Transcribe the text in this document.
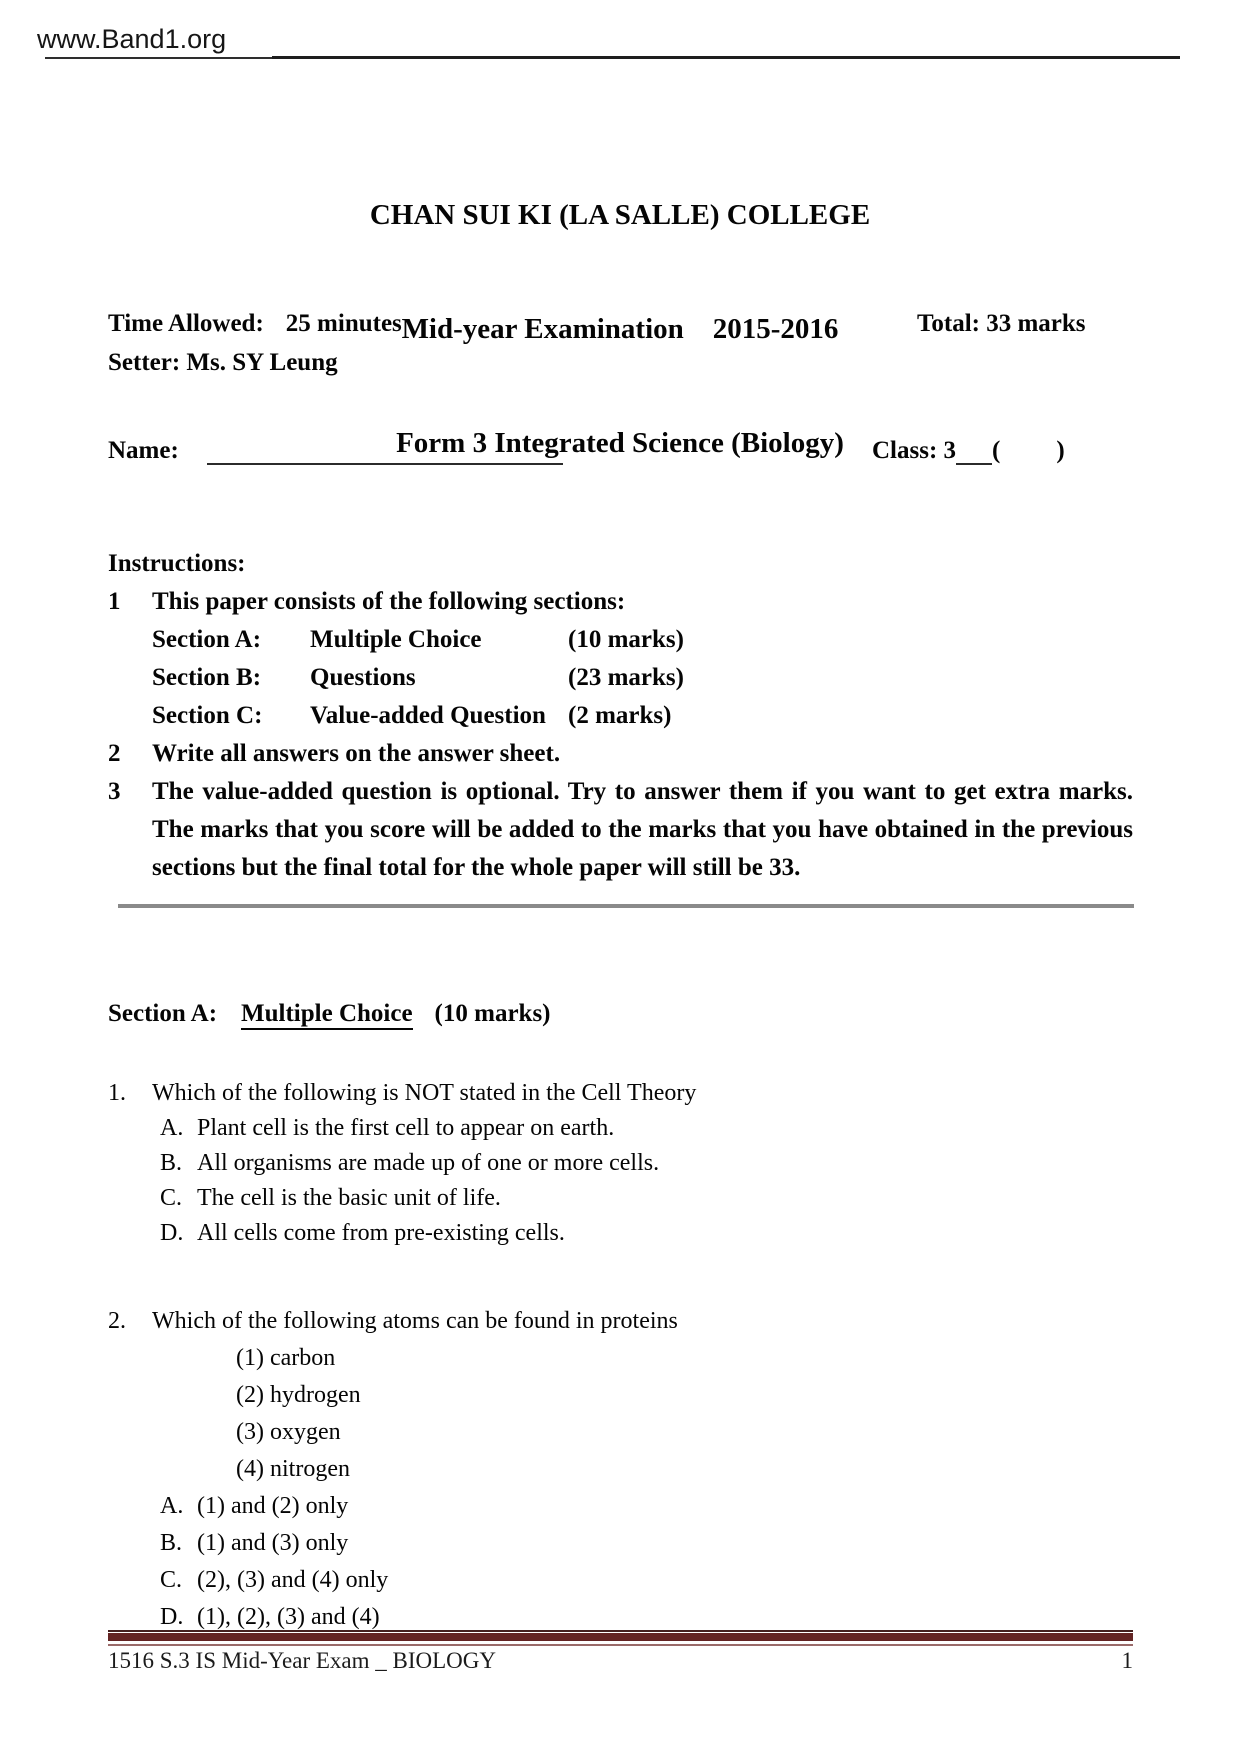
www.Band1.org

CHAN SUI KI (LA SALLE) COLLEGE

Mid-year Examination    2015-2016

Form 3 Integrated Science (Biology)

Time Allowed: 25 minutes	Total: 33 marks
Setter: Ms. SY Leung
Name:	Class: 3 ( )
Instructions:
1	This paper consists of the following sections:
Section A: Multiple Choice	(10 marks)
Section B: Questions	(23 marks)
Section C: Value-added Question (2 marks)
2	Write all answers on the answer sheet.
3	The value-added question is optional. Try to answer them if you want to get extra marks. The marks that you score will be added to the marks that you have obtained in the previous sections but the final total for the whole paper will still be 33.
Section A: Multiple Choice (10 marks)
1.	Which of the following is NOT stated in the Cell Theory
A. Plant cell is the first cell to appear on earth.
B. All organisms are made up of one or more cells.
C. The cell is the basic unit of life.
D. All cells come from pre-existing cells.
2.	Which of the following atoms can be found in proteins
(1) carbon
(2) hydrogen
(3) oxygen
(4) nitrogen
A. (1) and (2) only
B. (1) and (3) only
C. (2), (3) and (4) only
D. (1), (2), (3) and (4)
1516 S.3 IS Mid-Year Exam _ BIOLOGY	1
